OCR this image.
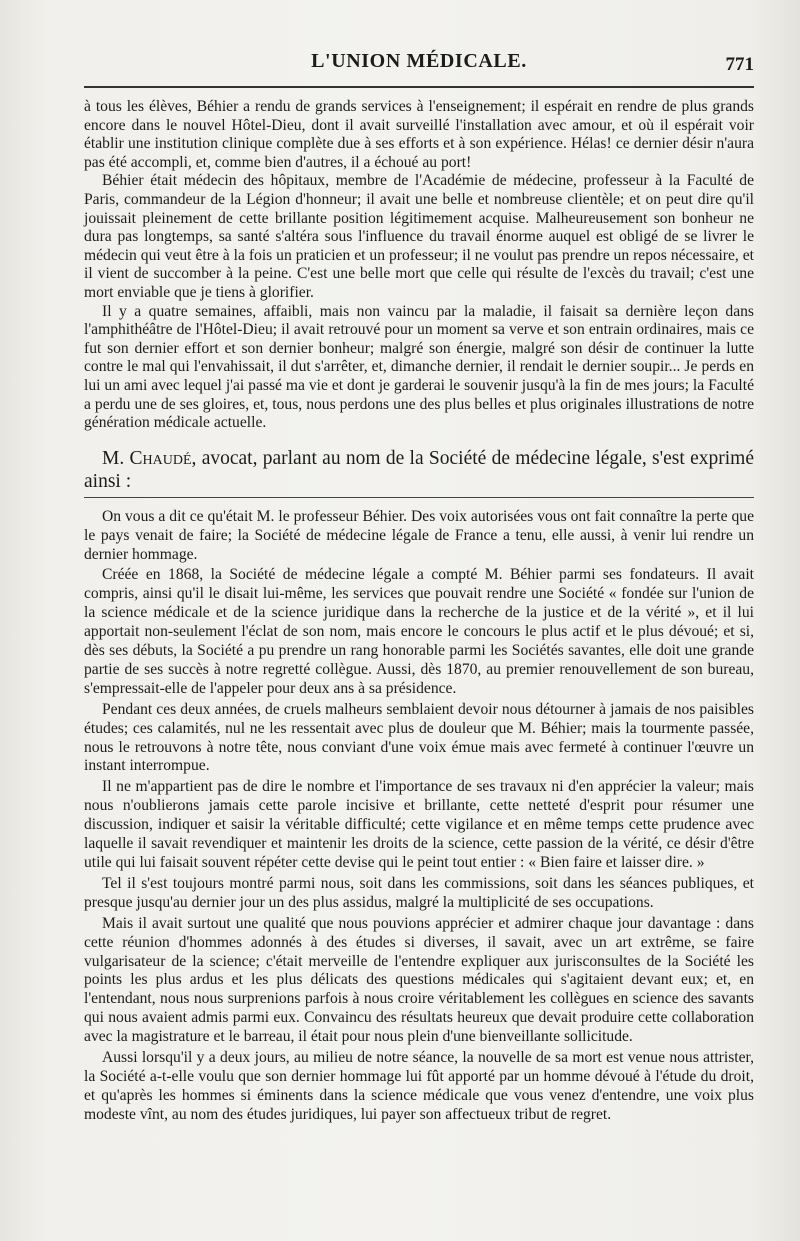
L'UNION MÉDICALE.	771

à tous les élèves, Béhier a rendu de grands services à l'enseignement; il espérait en rendre de plus grands encore dans le nouvel Hôtel-Dieu, dont il avait surveillé l'installation avec amour, et où il espérait voir établir une institution clinique complète due à ses efforts et à son expérience. Hélas! ce dernier désir n'aura pas été accompli, et, comme bien d'autres, il a échoué au port!

Béhier était médecin des hôpitaux, membre de l'Académie de médecine, professeur à la Faculté de Paris, commandeur de la Légion d'honneur; il avait une belle et nombreuse clientèle; et on peut dire qu'il jouissait pleinement de cette brillante position légitimement acquise. Malheureusement son bonheur ne dura pas longtemps, sa santé s'altéra sous l'influence du travail énorme auquel est obligé de se livrer le médecin qui veut être à la fois un praticien et un professeur; il ne voulut pas prendre un repos nécessaire, et il vient de succomber à la peine. C'est une belle mort que celle qui résulte de l'excès du travail; c'est une mort enviable que je tiens à glorifier.

Il y a quatre semaines, affaibli, mais non vaincu par la maladie, il faisait sa dernière leçon dans l'amphithéâtre de l'Hôtel-Dieu; il avait retrouvé pour un moment sa verve et son entrain ordinaires, mais ce fut son dernier effort et son dernier bonheur; malgré son énergie, malgré son désir de continuer la lutte contre le mal qui l'envahissait, il dut s'arrêter, et, dimanche dernier, il rendait le dernier soupir... Je perds en lui un ami avec lequel j'ai passé ma vie et dont je garderai le souvenir jusqu'à la fin de mes jours; la Faculté a perdu une de ses gloires, et, tous, nous perdons une des plus belles et plus originales illustrations de notre génération médicale actuelle.

M. Chaudé, avocat, parlant au nom de la Société de médecine légale, s'est exprimé ainsi :

On vous a dit ce qu'était M. le professeur Béhier. Des voix autorisées vous ont fait connaître la perte que le pays venait de faire; la Société de médecine légale de France a tenu, elle aussi, à venir lui rendre un dernier hommage.

Créée en 1868, la Société de médecine légale a compté M. Béhier parmi ses fondateurs. Il avait compris, ainsi qu'il le disait lui-même, les services que pouvait rendre une Société « fondée sur l'union de la science médicale et de la science juridique dans la recherche de la justice et de la vérité », et il lui apportait non-seulement l'éclat de son nom, mais encore le concours le plus actif et le plus dévoué; et si, dès ses débuts, la Société a pu prendre un rang honorable parmi les Sociétés savantes, elle doit une grande partie de ses succès à notre regretté collègue. Aussi, dès 1870, au premier renouvellement de son bureau, s'empressait-elle de l'appeler pour deux ans à sa présidence.

Pendant ces deux années, de cruels malheurs semblaient devoir nous détourner à jamais de nos paisibles études; ces calamités, nul ne les ressentait avec plus de douleur que M. Béhier; mais la tourmente passée, nous le retrouvons à notre tête, nous conviant d'une voix émue mais avec fermeté à continuer l'œuvre un instant interrompue.

Il ne m'appartient pas de dire le nombre et l'importance de ses travaux ni d'en apprécier la valeur; mais nous n'oublierons jamais cette parole incisive et brillante, cette netteté d'esprit pour résumer une discussion, indiquer et saisir la véritable difficulté; cette vigilance et en même temps cette prudence avec laquelle il savait revendiquer et maintenir les droits de la science, cette passion de la vérité, ce désir d'être utile qui lui faisait souvent répéter cette devise qui le peint tout entier : « Bien faire et laisser dire. »

Tel il s'est toujours montré parmi nous, soit dans les commissions, soit dans les séances publiques, et presque jusqu'au dernier jour un des plus assidus, malgré la multiplicité de ses occupations.

Mais il avait surtout une qualité que nous pouvions apprécier et admirer chaque jour davantage : dans cette réunion d'hommes adonnés à des études si diverses, il savait, avec un art extrême, se faire vulgarisateur de la science; c'était merveille de l'entendre expliquer aux jurisconsultes de la Société les points les plus ardus et les plus délicats des questions médicales qui s'agitaient devant eux; et, en l'entendant, nous nous surprenions parfois à nous croire véritablement les collègues en science des savants qui nous avaient admis parmi eux. Convaincu des résultats heureux que devait produire cette collaboration avec la magistrature et le barreau, il était pour nous plein d'une bienveillante sollicitude.

Aussi lorsqu'il y a deux jours, au milieu de notre séance, la nouvelle de sa mort est venue nous attrister, la Société a-t-elle voulu que son dernier hommage lui fût apporté par un homme dévoué à l'étude du droit, et qu'après les hommes si éminents dans la science médicale que vous venez d'entendre, une voix plus modeste vînt, au nom des études juridiques, lui payer son affectueux tribut de regret.
